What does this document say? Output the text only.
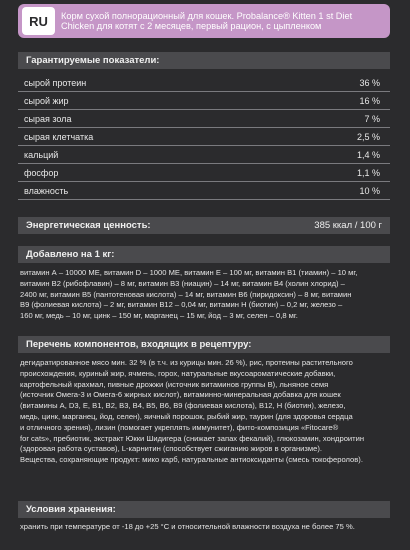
RU	Корм сухой полнорационный для кошек. Probalance® Kitten 1 st Diet Chicken для котят с 2 месяцев, первый рацион, с цыпленком
Гарантируемые показатели:
сырой протеин	36 %
сырой жир	16 %
сырая зола	7 %
сырая клетчатка	2,5 %
кальций	1,4 %
фосфор	1,1 %
влажность	10 %
Энергетическая ценность:	385 ккал / 100 г
Добавлено на 1 кг:
витамин А – 10000 МЕ, витамин D – 1000 МЕ, витамин Е – 100 мг, витамин В1 (тиамин) – 10 мг,
витамин В2 (рибофлавин) – 8 мг, витамин В3 (ниацин) – 14 мг, витамин В4 (холин хлорид) –
2400 мг, витамин В5 (пантотеновая кислота) – 14 мг, витамин В6 (пиридоксин) – 8 мг, витамин
В9 (фолиевая кислота) – 2 мг, витамин В12 – 0,04 мг, витамин Н (биотин) – 0,2 мг, железо –
160 мг, медь – 10 мг, цинк – 150 мг, марганец – 15 мг, йод – 3 мг, селен – 0,8 мг.
Перечень компонентов, входящих в рецептуру:
дегидратированное мясо мин. 32 % (в т.ч. из курицы мин. 26 %), рис, протеины растительного
происхождения, куриный жир, ячмень, горох, натуральные вкусоароматические добавки,
картофельный крахмал, пивные дрожжи (источник витаминов группы В), льняное семя
(источник Омега-3 и Омега-6 жирных кислот), витаминно-минеральная добавка для кошек
(витамины А, D3, Е, В1, В2, В3, В4, В5, В6, В9 (фолиевая кислота), В12, Н (биотин), железо,
медь, цинк, марганец, йод, селен), яичный порошок, рыбий жир, таурин (для здоровья сердца
и отличного зрения), лизин (помогает укреплять иммунитет), фито-композиция «Fitocare®
for cats», пребиотик, экстракт Юкки Шидигера (снижает запах фекалий), глюкозамин, хондроитин
(здоровая работа суставов), L-карнитин (способствует сжиганию жиров в организме).
Вещества, сохраняющие продукт: мико карб, натуральные антиоксиданты (смесь токоферолов).
Условия хранения:
хранить при температуре от -18 до +25 °С и относительной влажности воздуха не более 75 %.
